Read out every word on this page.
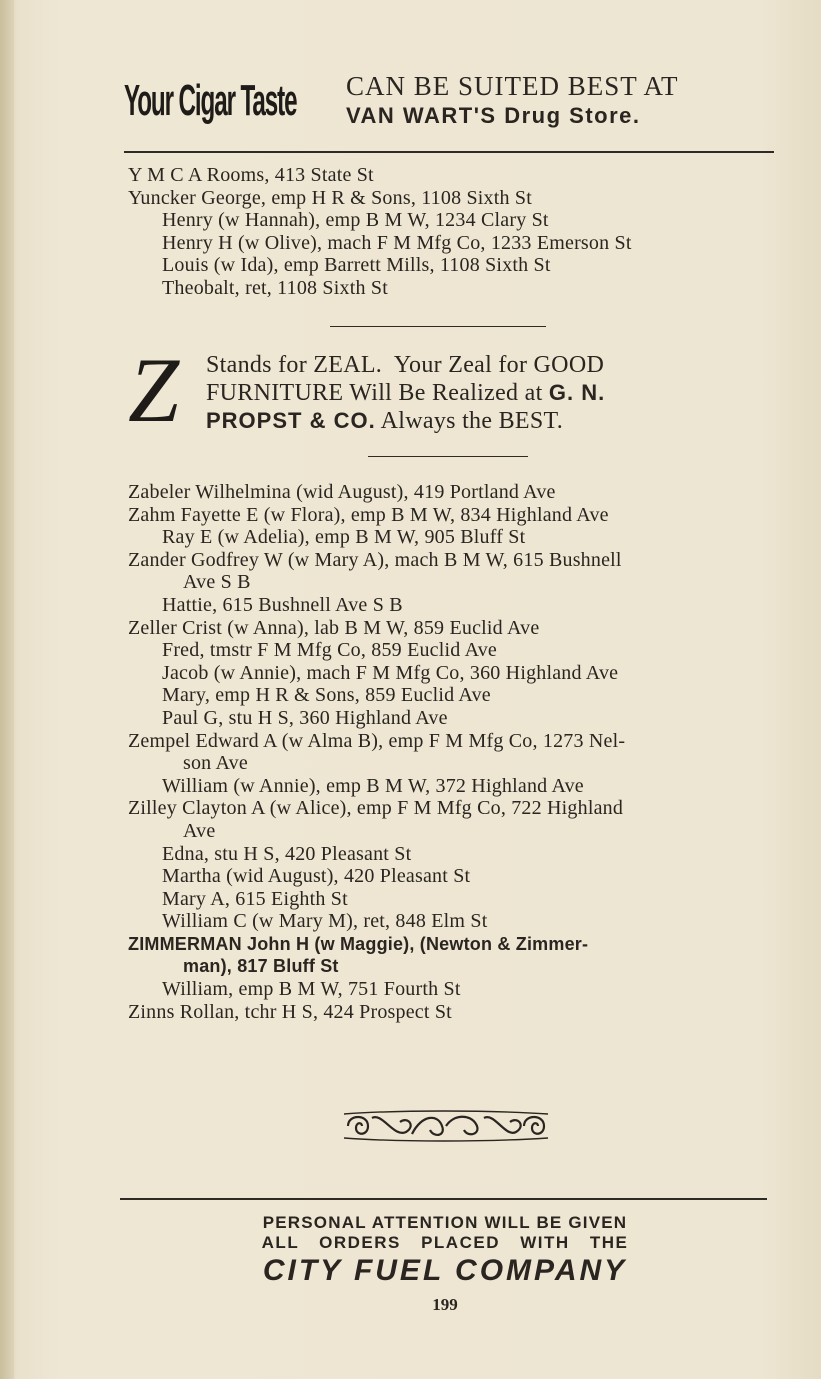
Your Cigar Taste CAN BE SUITED BEST AT
VAN WART'S Drug Store.
Y M C A Rooms, 413 State St
Yuncker George, emp H R & Sons, 1108 Sixth St
Henry (w Hannah), emp B M W, 1234 Clary St
Henry H (w Olive), mach F M Mfg Co, 1233 Emerson St
Louis (w Ida), emp Barrett Mills, 1108 Sixth St
Theobalt, ret, 1108 Sixth St
Z Stands for ZEAL.  Your Zeal for GOOD
FURNITURE Will Be Realized at G. N.
PROPST & CO. Always the BEST.
Zabeler Wilhelmina (wid August), 419 Portland Ave
Zahm Fayette E (w Flora), emp B M W, 834 Highland Ave
Ray E (w Adelia), emp B M W, 905 Bluff St
Zander Godfrey W (w Mary A), mach B M W, 615 Bushnell
Ave S B
Hattie, 615 Bushnell Ave S B
Zeller Crist (w Anna), lab B M W, 859 Euclid Ave
Fred, tmstr F M Mfg Co, 859 Euclid Ave
Jacob (w Annie), mach F M Mfg Co, 360 Highland Ave
Mary, emp H R & Sons, 859 Euclid Ave
Paul G, stu H S, 360 Highland Ave
Zempel Edward A (w Alma B), emp F M Mfg Co, 1273 Nel-
son Ave
William (w Annie), emp B M W, 372 Highland Ave
Zilley Clayton A (w Alice), emp F M Mfg Co, 722 Highland
Ave
Edna, stu H S, 420 Pleasant St
Martha (wid August), 420 Pleasant St
Mary A, 615 Eighth St
William C (w Mary M), ret, 848 Elm St
ZIMMERMAN John H (w Maggie), (Newton & Zimmer-
man), 817 Bluff St
William, emp B M W, 751 Fourth St
Zinns Rollan, tchr H S, 424 Prospect St
PERSONAL ATTENTION WILL BE GIVEN
ALL ORDERS PLACED WITH THE
CITY FUEL COMPANY
199
